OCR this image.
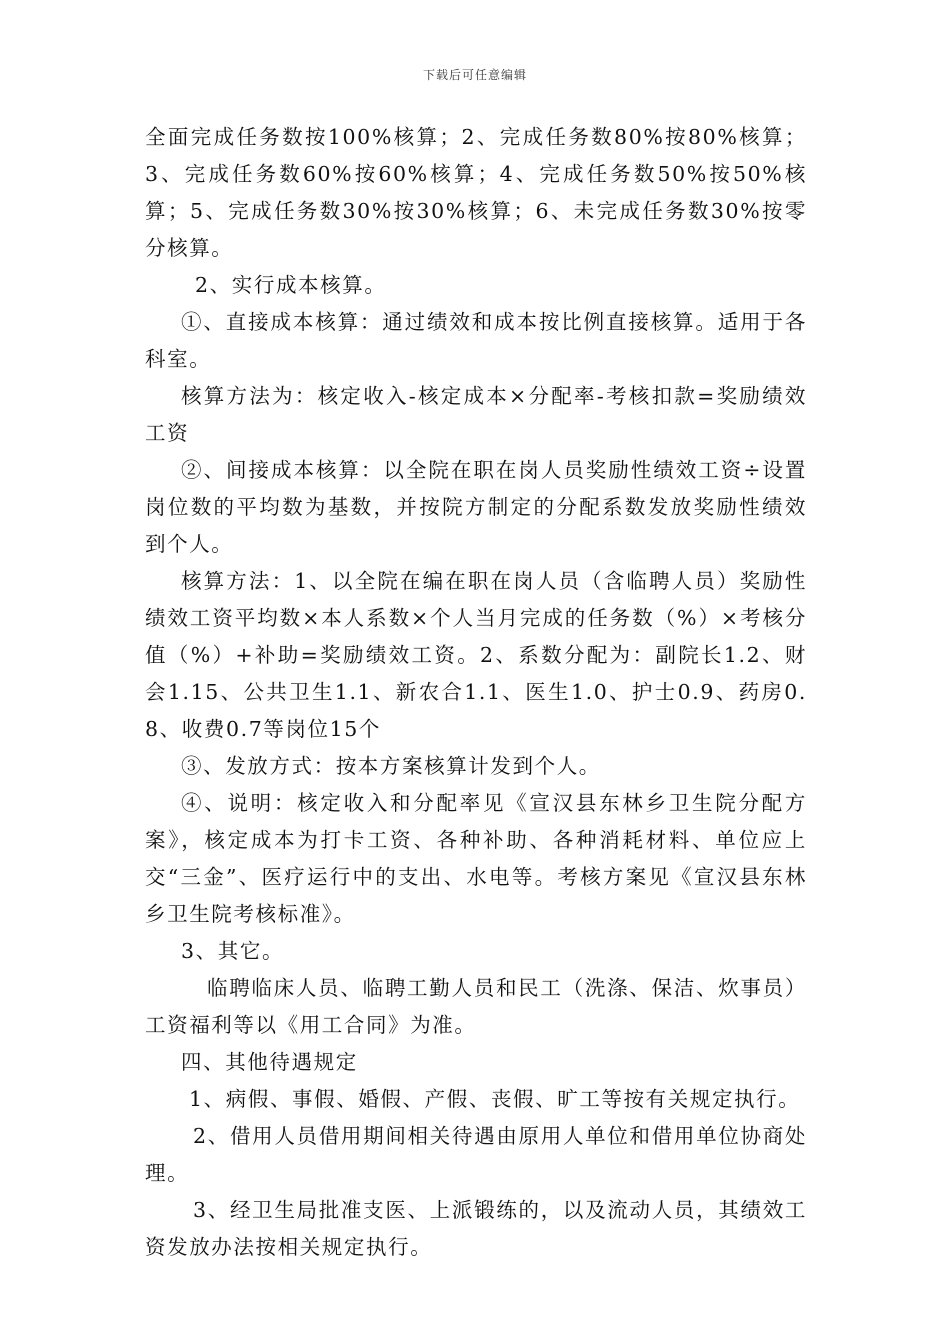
下载后可任意编辑

全面完成任务数按100%核算；2、完成任务数80%按80%核算；3、完成任务数60%按60%核算；4、完成任务数50%按50%核算；5、完成任务数30%按30%核算；6、未完成任务数30%按零分核算。

2、实行成本核算。

①、直接成本核算：通过绩效和成本按比例直接核算。适用于各科室。

核算方法为：核定收入-核定成本×分配率-考核扣款=奖励绩效工资

②、间接成本核算：以全院在职在岗人员奖励性绩效工资÷设置岗位数的平均数为基数，并按院方制定的分配系数发放奖励性绩效到个人。

核算方法：1、以全院在编在职在岗人员（含临聘人员）奖励性绩效工资平均数×本人系数×个人当月完成的任务数（%）×考核分值（%）+补助=奖励绩效工资。2、系数分配为：副院长1.2、财会1.15、公共卫生1.1、新农合1.1、医生1.0、护士0.9、药房0.8、收费0.7等岗位15个

③、发放方式：按本方案核算计发到个人。

④、说明：核定收入和分配率见《宣汉县东林乡卫生院分配方案》，核定成本为打卡工资、各种补助、各种消耗材料、单位应上交“三金”、医疗运行中的支出、水电等。考核方案见《宣汉县东林乡卫生院考核标准》。

3、其它。

临聘临床人员、临聘工勤人员和民工（洗涤、保洁、炊事员）工资福利等以《用工合同》为准。

四、其他待遇规定

1、病假、事假、婚假、产假、丧假、旷工等按有关规定执行。

2、借用人员借用期间相关待遇由原用人单位和借用单位协商处理。

3、经卫生局批准支医、上派锻练的，以及流动人员，其绩效工资发放办法按相关规定执行。
